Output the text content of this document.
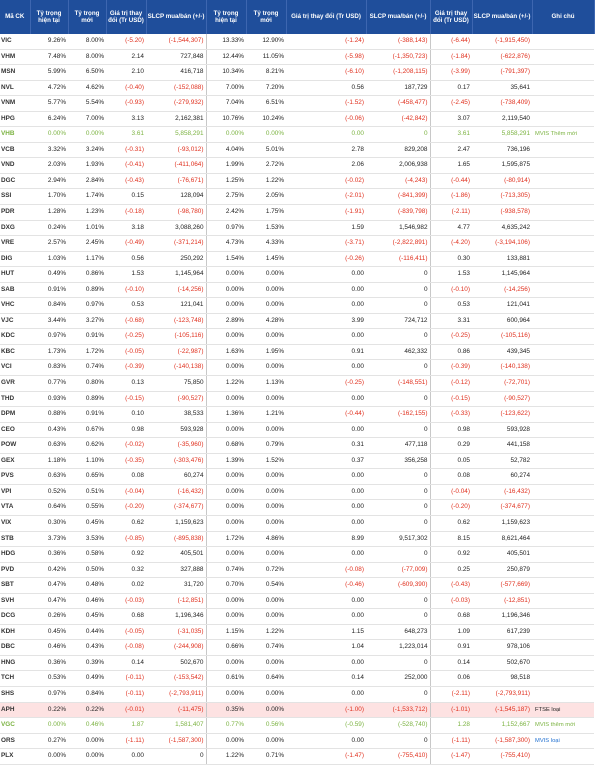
Mã CK	Tỷ trọng hiện tại	Tỷ trọng mới	Giá trị thay đổi (Tr USD)	SLCP mua/bán (+/-)	Tỷ trọng hiện tại	Tỷ trọng mới	Giá trị thay đổi (Tr USD)	SLCP mua/bán (+/-)	Giá trị thay đổi (Tr USD)	SLCP mua/bán (+/-)	Ghi chú
VIC	9.26%	8.00%	(-5.20)	(-1,544,307)	13.33%	12.90%	(-1.24)	(-388,143)	(-6.44)	(-1,915,450)	
VHM	7.48%	8.00%	2.14	727,848	12.44%	11.05%	(-5.98)	(-1,350,723)	(-1.84)	(-622,876)	
MSN	5.99%	6.50%	2.10	416,718	10.34%	8.21%	(-6.10)	(-1,208,115)	(-3.99)	(-791,397)	
NVL	4.72%	4.62%	(-0.40)	(-152,088)	7.00%	7.20%	0.56	187,729	0.17	35,641	
VNM	5.77%	5.54%	(-0.93)	(-279,932)	7.04%	6.51%	(-1.52)	(-458,477)	(-2.45)	(-738,409)	
HPG	6.24%	7.00%	3.13	2,162,381	10.76%	10.24%	(-0.06)	(-42,842)	3.07	2,119,540	
VHB	0.00%	0.00%	3.61	5,858,291	0.00%	0.00%	0.00	0	3.61	5,858,291	MVIS Thêm mới
VCB	3.32%	3.24%	(-0.31)	(-93,012)	4.04%	5.01%	2.78	829,208	2.47	736,196	
VND	2.03%	1.93%	(-0.41)	(-411,064)	1.99%	2.72%	2.06	2,006,938	1.65	1,595,875	
DGC	2.94%	2.84%	(-0.43)	(-76,671)	1.25%	1.22%	(-0.02)	(-4,243)	(-0.44)	(-80,914)	
SSI	1.70%	1.74%	0.15	128,094	2.75%	2.05%	(-2.01)	(-841,399)	(-1.86)	(-713,305)	
PDR	1.28%	1.23%	(-0.18)	(-98,780)	2.42%	1.75%	(-1.91)	(-839,798)	(-2.11)	(-938,578)	
DXG	0.24%	1.01%	3.18	3,088,260	0.97%	1.53%	1.59	1,546,982	4.77	4,635,242	
VRE	2.57%	2.45%	(-0.49)	(-371,214)	4.73%	4.33%	(-3.71)	(-2,822,891)	(-4.20)	(-3,194,106)	
DIG	1.03%	1.17%	0.56	250,292	1.54%	1.45%	(-0.26)	(-116,411)	0.30	133,881	
HUT	0.49%	0.86%	1.53	1,145,964	0.00%	0.00%	0.00	0	1.53	1,145,964	
SAB	0.91%	0.89%	(-0.10)	(-14,256)	0.00%	0.00%	0.00	0	(-0.10)	(-14,256)	
VHC	0.84%	0.97%	0.53	121,041	0.00%	0.00%	0.00	0	0.53	121,041	
VJC	3.44%	3.27%	(-0.68)	(-123,748)	2.89%	4.28%	3.99	724,712	3.31	600,964	
KDC	0.97%	0.91%	(-0.25)	(-105,116)	0.00%	0.00%	0.00	0	(-0.25)	(-105,116)	
KBC	1.73%	1.72%	(-0.05)	(-22,987)	1.63%	1.95%	0.91	462,332	0.86	439,345	
VCI	0.83%	0.74%	(-0.39)	(-140,138)	0.00%	0.00%	0.00	0	(-0.39)	(-140,138)	
GVR	0.77%	0.80%	0.13	75,850	1.22%	1.13%	(-0.25)	(-148,551)	(-0.12)	(-72,701)	
THD	0.93%	0.89%	(-0.15)	(-90,527)	0.00%	0.00%	0.00	0	(-0.15)	(-90,527)	
DPM	0.88%	0.91%	0.10	38,533	1.36%	1.21%	(-0.44)	(-162,155)	(-0.33)	(-123,622)	
CEO	0.43%	0.67%	0.98	593,928	0.00%	0.00%	0.00	0	0.98	593,928	
POW	0.63%	0.62%	(-0.02)	(-35,960)	0.68%	0.79%	0.31	477,118	0.29	441,158	
GEX	1.18%	1.10%	(-0.35)	(-303,476)	1.39%	1.52%	0.37	356,258	0.05	52,782	
PVS	0.63%	0.65%	0.08	60,274	0.00%	0.00%	0.00	0	0.08	60,274	
VPI	0.52%	0.51%	(-0.04)	(-16,432)	0.00%	0.00%	0.00	0	(-0.04)	(-16,432)	
VTA	0.64%	0.55%	(-0.20)	(-374,677)	0.00%	0.00%	0.00	0	(-0.20)	(-374,677)	
VIX	0.30%	0.45%	0.62	1,159,623	0.00%	0.00%	0.00	0	0.62	1,159,623	
STB	3.73%	3.53%	(-0.85)	(-895,838)	1.72%	4.86%	8.99	9,517,302	8.15	8,621,464	
HDG	0.36%	0.58%	0.92	405,501	0.00%	0.00%	0.00	0	0.92	405,501	
PVD	0.42%	0.50%	0.32	327,888	0.74%	0.72%	(-0.08)	(-77,009)	0.25	250,879	
SBT	0.47%	0.48%	0.02	31,720	0.70%	0.54%	(-0.46)	(-609,390)	(-0.43)	(-577,669)	
SVH	0.47%	0.46%	(-0.03)	(-12,851)	0.00%	0.00%	0.00	0	(-0.03)	(-12,851)	
DCG	0.26%	0.45%	0.68	1,196,346	0.00%	0.00%	0.00	0	0.68	1,196,346	
KDH	0.45%	0.44%	(-0.05)	(-31,035)	1.15%	1.22%	1.15	648,273	1.09	617,239	
DBC	0.46%	0.43%	(-0.08)	(-244,908)	0.66%	0.74%	1.04	1,223,014	0.91	978,106	
HNG	0.36%	0.39%	0.14	502,670	0.00%	0.00%	0.00	0	0.14	502,670	
TCH	0.53%	0.49%	(-0.11)	(-153,542)	0.61%	0.64%	0.14	252,000	0.06	98,518	
SHS	0.97%	0.84%	(-0.11)	(-2,793,911)	0.00%	0.00%	0.00	0	(-2.11)	(-2,793,911)	
APH	0.22%	0.22%	(-0.01)	(-11,475)	0.35%	0.00%	(-1.00)	(-1,533,712)	(-1.01)	(-1,545,187)	FTSE loại
VGC	0.00%	0.46%	1.87	1,581,407	0.77%	0.56%	(-0.59)	(-528,740)	1.28	1,152,667	MVIS thêm mới
ORS	0.27%	0.00%	(-1.11)	(-1,587,300)	0.00%	0.00%	0.00	0	(-1.11)	(-1,587,300)	MVIS loại
PLX	0.00%	0.00%	0.00	0	1.22%	0.71%	(-1.47)	(-755,410)	(-1.47)	(-755,410)	
